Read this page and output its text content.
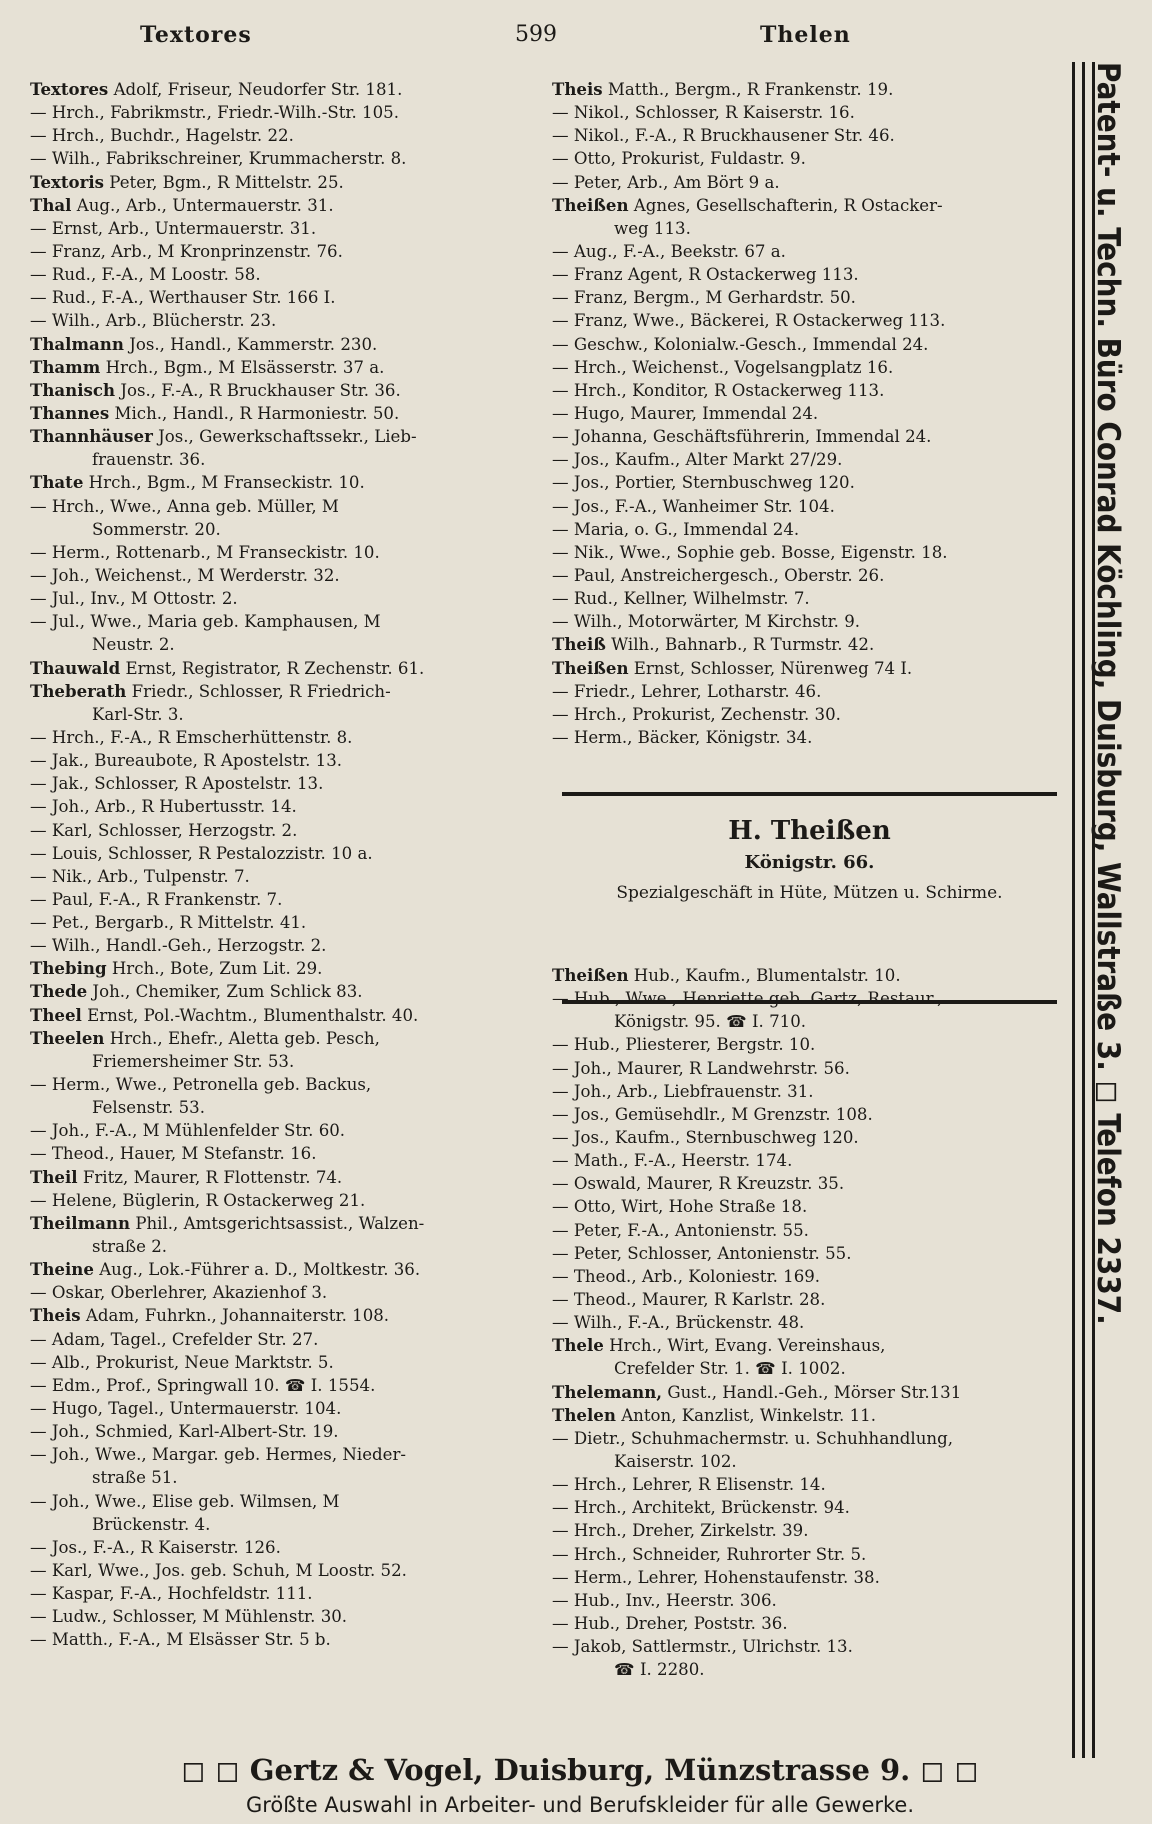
Textores	599	Thelen
Textores Adolf, Friseur, Neudorfer Str. 181.
— Hrch., Fabrikmstr., Friedr.-Wilh.-Str. 105.
— Hrch., Buchdr., Hagelstr. 22.
— Wilh., Fabrikschreiner, Krummacherstr. 8.
Textoris Peter, Bgm., R Mittelstr. 25.
Thal Aug., Arb., Untermauerstr. 31.
— Ernst, Arb., Untermauerstr. 31.
— Franz, Arb., M Kronprinzenstr. 76.
— Rud., F.-A., M Loostr. 58.
— Rud., F.-A., Werthauser Str. 166 I.
— Wilh., Arb., Blücherstr. 23.
Thalmann Jos., Handl., Kammerstr. 230.
Thamm Hrch., Bgm., M Elsässerstr. 37 a.
Thanisch Jos., F.-A., R Bruckhauser Str. 36.
Thannes Mich., Handl., R Harmoniestr. 50.
Thannhäuser Jos., Gewerkschaftssekr., Lieb-
frauenstr. 36.
Thate Hrch., Bgm., M Franseckistr. 10.
— Hrch., Wwe., Anna geb. Müller, M
Sommerstr. 20.
— Herm., Rottenarb., M Franseckistr. 10.
— Joh., Weichenst., M Werderstr. 32.
— Jul., Inv., M Ottostr. 2.
— Jul., Wwe., Maria geb. Kamphausen, M
Neustr. 2.
Thauwald Ernst, Registrator, R Zechenstr. 61.
Theberath Friedr., Schlosser, R Friedrich-
Karl-Str. 3.
— Hrch., F.-A., R Emscherhüttenstr. 8.
— Jak., Bureaubote, R Apostelstr. 13.
— Jak., Schlosser, R Apostelstr. 13.
— Joh., Arb., R Hubertusstr. 14.
— Karl, Schlosser, Herzogstr. 2.
— Louis, Schlosser, R Pestalozzistr. 10 a.
— Nik., Arb., Tulpenstr. 7.
— Paul, F.-A., R Frankenstr. 7.
— Pet., Bergarb., R Mittelstr. 41.
— Wilh., Handl.-Geh., Herzogstr. 2.
Thebing Hrch., Bote, Zum Lit. 29.
Thede Joh., Chemiker, Zum Schlick 83.
Theel Ernst, Pol.-Wachtm., Blumenthalstr. 40.
Theelen Hrch., Ehefr., Aletta geb. Pesch,
Friemersheimer Str. 53.
— Herm., Wwe., Petronella geb. Backus,
Felsenstr. 53.
— Joh., F.-A., M Mühlenfelder Str. 60.
— Theod., Hauer, M Stefanstr. 16.
Theil Fritz, Maurer, R Flottenstr. 74.
— Helene, Büglerin, R Ostackerweg 21.
Theilmann Phil., Amtsgerichtsassist., Walzen-
straße 2.
Theine Aug., Lok.-Führer a. D., Moltkestr. 36.
— Oskar, Oberlehrer, Akazienhof 3.
Theis Adam, Fuhrkn., Johannaiterstr. 108.
— Adam, Tagel., Crefelder Str. 27.
— Alb., Prokurist, Neue Marktstr. 5.
— Edm., Prof., Springwall 10. ☎ I. 1554.
— Hugo, Tagel., Untermauerstr. 104.
— Joh., Schmied, Karl-Albert-Str. 19.
— Joh., Wwe., Margar. geb. Hermes, Nieder-
straße 51.
— Joh., Wwe., Elise geb. Wilmsen, M
Brückenstr. 4.
— Jos., F.-A., R Kaiserstr. 126.
— Karl, Wwe., Jos. geb. Schuh, M Loostr. 52.
— Kaspar, F.-A., Hochfeldstr. 111.
— Ludw., Schlosser, M Mühlenstr. 30.
— Matth., F.-A., M Elsässer Str. 5 b.
Theis Matth., Bergm., R Frankenstr. 19.
— Nikol., Schlosser, R Kaiserstr. 16.
— Nikol., F.-A., R Bruckhausener Str. 46.
— Otto, Prokurist, Fuldastr. 9.
— Peter, Arb., Am Bört 9 a.
Theißen Agnes, Gesellschafterin, R Ostacker-
weg 113.
— Aug., F.-A., Beekstr. 67 a.
— Franz Agent, R Ostackerweg 113.
— Franz, Bergm., M Gerhardstr. 50.
— Franz, Wwe., Bäckerei, R Ostackerweg 113.
— Geschw., Kolonialw.-Gesch., Immendal 24.
— Hrch., Weichenst., Vogelsangplatz 16.
— Hrch., Konditor, R Ostackerweg 113.
— Hugo, Maurer, Immendal 24.
— Johanna, Geschäftsführerin, Immendal 24.
— Jos., Kaufm., Alter Markt 27/29.
— Jos., Portier, Sternbuschweg 120.
— Jos., F.-A., Wanheimer Str. 104.
— Maria, o. G., Immendal 24.
— Nik., Wwe., Sophie geb. Bosse, Eigenstr. 18.
— Paul, Anstreichergesch., Oberstr. 26.
— Rud., Kellner, Wilhelmstr. 7.
— Wilh., Motorwärter, M Kirchstr. 9.
Theiß Wilh., Bahnarb., R Turmstr. 42.
Theißen Ernst, Schlosser, Nürenweg 74 I.
— Friedr., Lehrer, Lotharstr. 46.
— Hrch., Prokurist, Zechenstr. 30.
— Herm., Bäcker, Königstr. 34.
H. Theißen
Königstr. 66.
Spezialgeschäft in Hüte, Mützen u. Schirme.
Theißen Hub., Kaufm., Blumentalstr. 10.
— Hub., Wwe., Henriette geb. Gartz, Restaur.,
Königstr. 95. ☎ I. 710.
— Hub., Pliesterer, Bergstr. 10.
— Joh., Maurer, R Landwehrstr. 56.
— Joh., Arb., Liebfrauenstr. 31.
— Jos., Gemüsehdlr., M Grenzstr. 108.
— Jos., Kaufm., Sternbuschweg 120.
— Math., F.-A., Heerstr. 174.
— Oswald, Maurer, R Kreuzstr. 35.
— Otto, Wirt, Hohe Straße 18.
— Peter, F.-A., Antonienstr. 55.
— Peter, Schlosser, Antonienstr. 55.
— Theod., Arb., Koloniestr. 169.
— Theod., Maurer, R Karlstr. 28.
— Wilh., F.-A., Brückenstr. 48.
Thele Hrch., Wirt, Evang. Vereinshaus,
Crefelder Str. 1. ☎ I. 1002.
Thelemann, Gust., Handl.-Geh., Mörser Str.131
Thelen Anton, Kanzlist, Winkelstr. 11.
— Dietr., Schuhmachermstr. u. Schuhhandlung,
Kaiserstr. 102.
— Hrch., Lehrer, R Elisenstr. 14.
— Hrch., Architekt, Brückenstr. 94.
— Hrch., Dreher, Zirkelstr. 39.
— Hrch., Schneider, Ruhrorter Str. 5.
— Herm., Lehrer, Hohenstaufenstr. 38.
— Hub., Inv., Heerstr. 306.
— Hub., Dreher, Poststr. 36.
— Jakob, Sattlermstr., Ulrichstr. 13.
☎ I. 2280.
Patent- u. Techn. Büro Conrad Köchling, Duisburg, Wallstraße 3. ◻ Telefon 2337.
◻ ◻ Gertz & Vogel, Duisburg, Münzstrasse 9. ◻ ◻
Größte Auswahl in Arbeiter- und Berufskleider für alle Gewerke.
